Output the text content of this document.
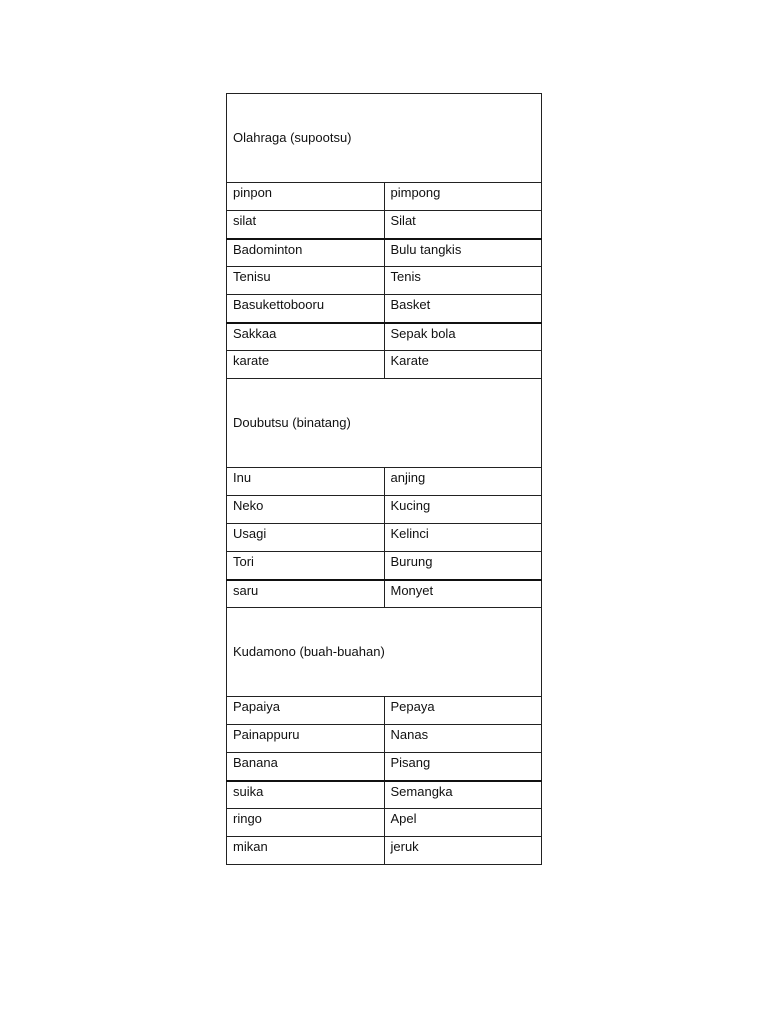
Olahraga (supootsu)	
pinpon	pimpong
silat	Silat
Badominton	Bulu tangkis
Tenisu	Tenis
Basukettobooru	Basket
Sakkaa	Sepak bola
karate	Karate
Doubutsu (binatang)	
Inu	anjing
Neko	Kucing
Usagi	Kelinci
Tori	Burung
saru	Monyet
Kudamono (buah-buahan)	
Papaiya	Pepaya
Painappuru	Nanas
Banana	Pisang
suika	Semangka
ringo	Apel
mikan	jeruk
